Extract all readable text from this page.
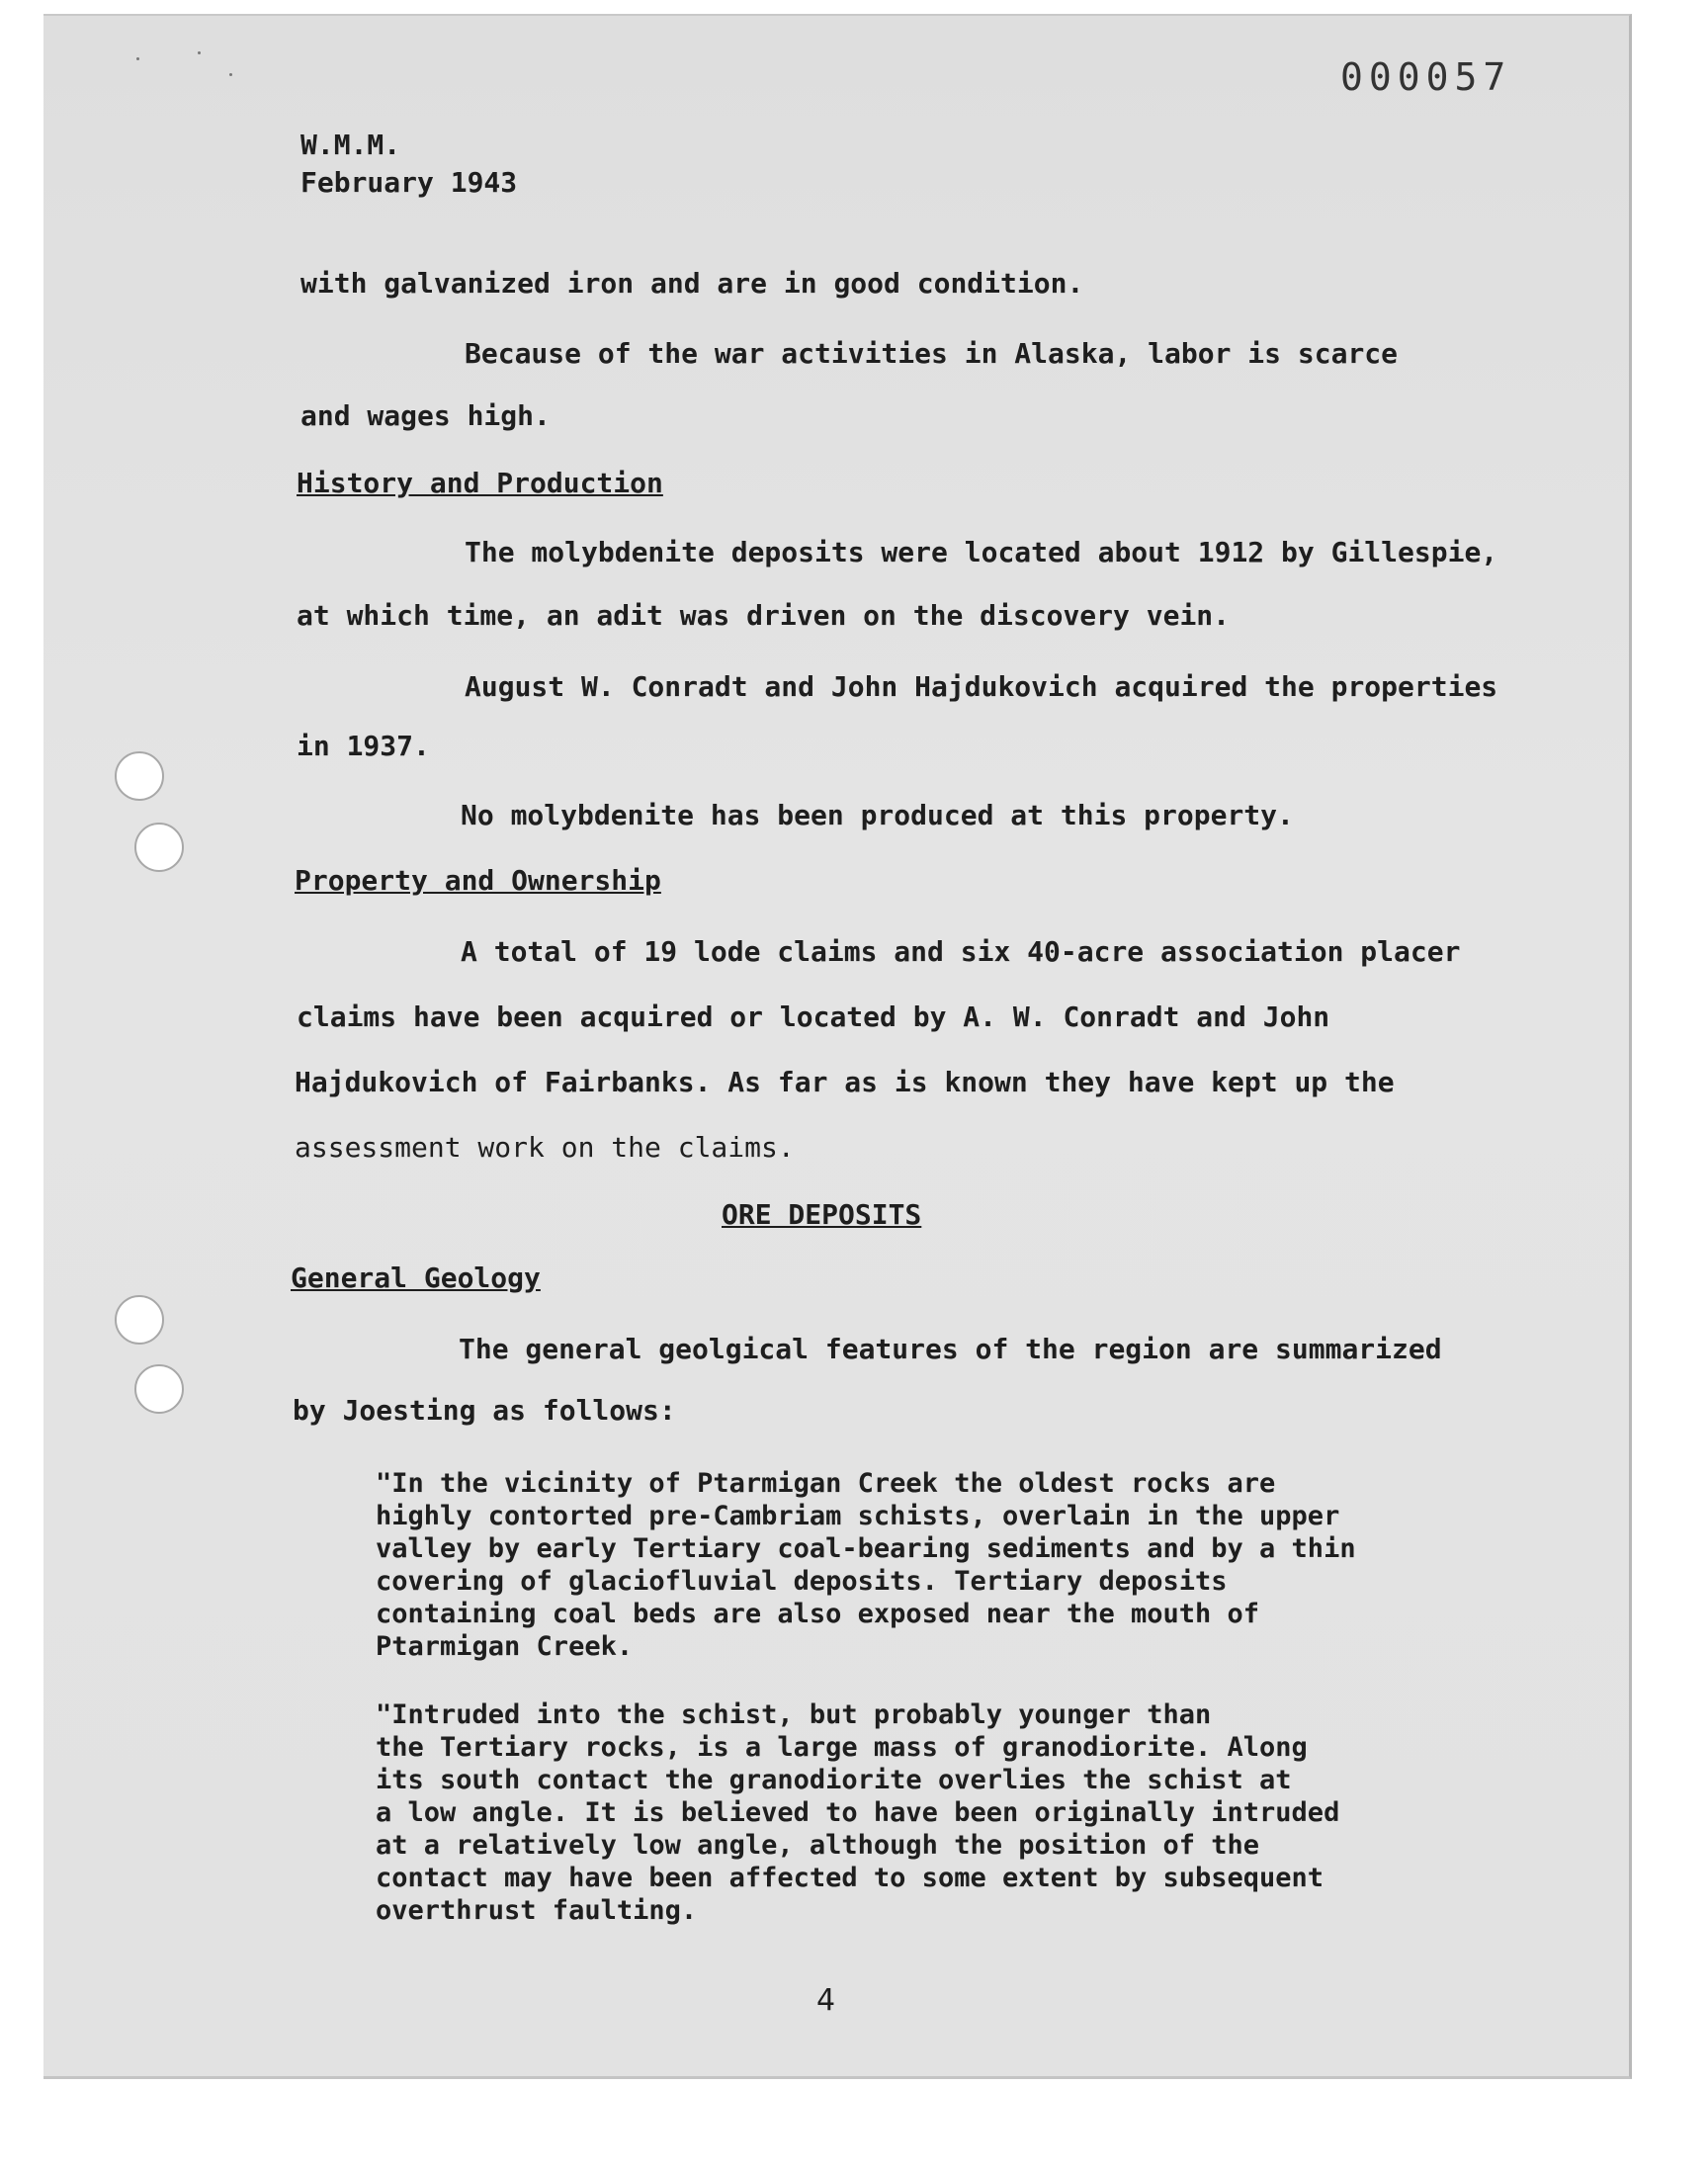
000057
W.M.M.
February 1943
with galvanized iron and are in good condition.
Because of the war activities in Alaska, labor is scarce
and wages high.
History and Production
The molybdenite deposits were located about 1912 by Gillespie,
at which time, an adit was driven on the discovery vein.
August W. Conradt and John Hajdukovich acquired the properties
in 1937.
No molybdenite has been produced at this property.
Property and Ownership
A total of 19 lode claims and six 40-acre association placer
claims have been acquired or located by A. W. Conradt and John
Hajdukovich of Fairbanks. As far as is known they have kept up the
assessment work on the claims.
ORE DEPOSITS
General Geology
The general geolgical features of the region are summarized
by Joesting as follows:
"In the vicinity of Ptarmigan Creek the oldest rocks are
highly contorted pre-Cambriam schists, overlain in the upper
valley by early Tertiary coal-bearing sediments and by a thin
covering of glaciofluvial deposits. Tertiary deposits
containing coal beds are also exposed near the mouth of
Ptarmigan Creek.
"Intruded into the schist, but probably younger than
the Tertiary rocks, is a large mass of granodiorite. Along
its south contact the granodiorite overlies the schist at
a low angle. It is believed to have been originally intruded
at a relatively low angle, although the position of the
contact may have been affected to some extent by subsequent
overthrust faulting.
4
